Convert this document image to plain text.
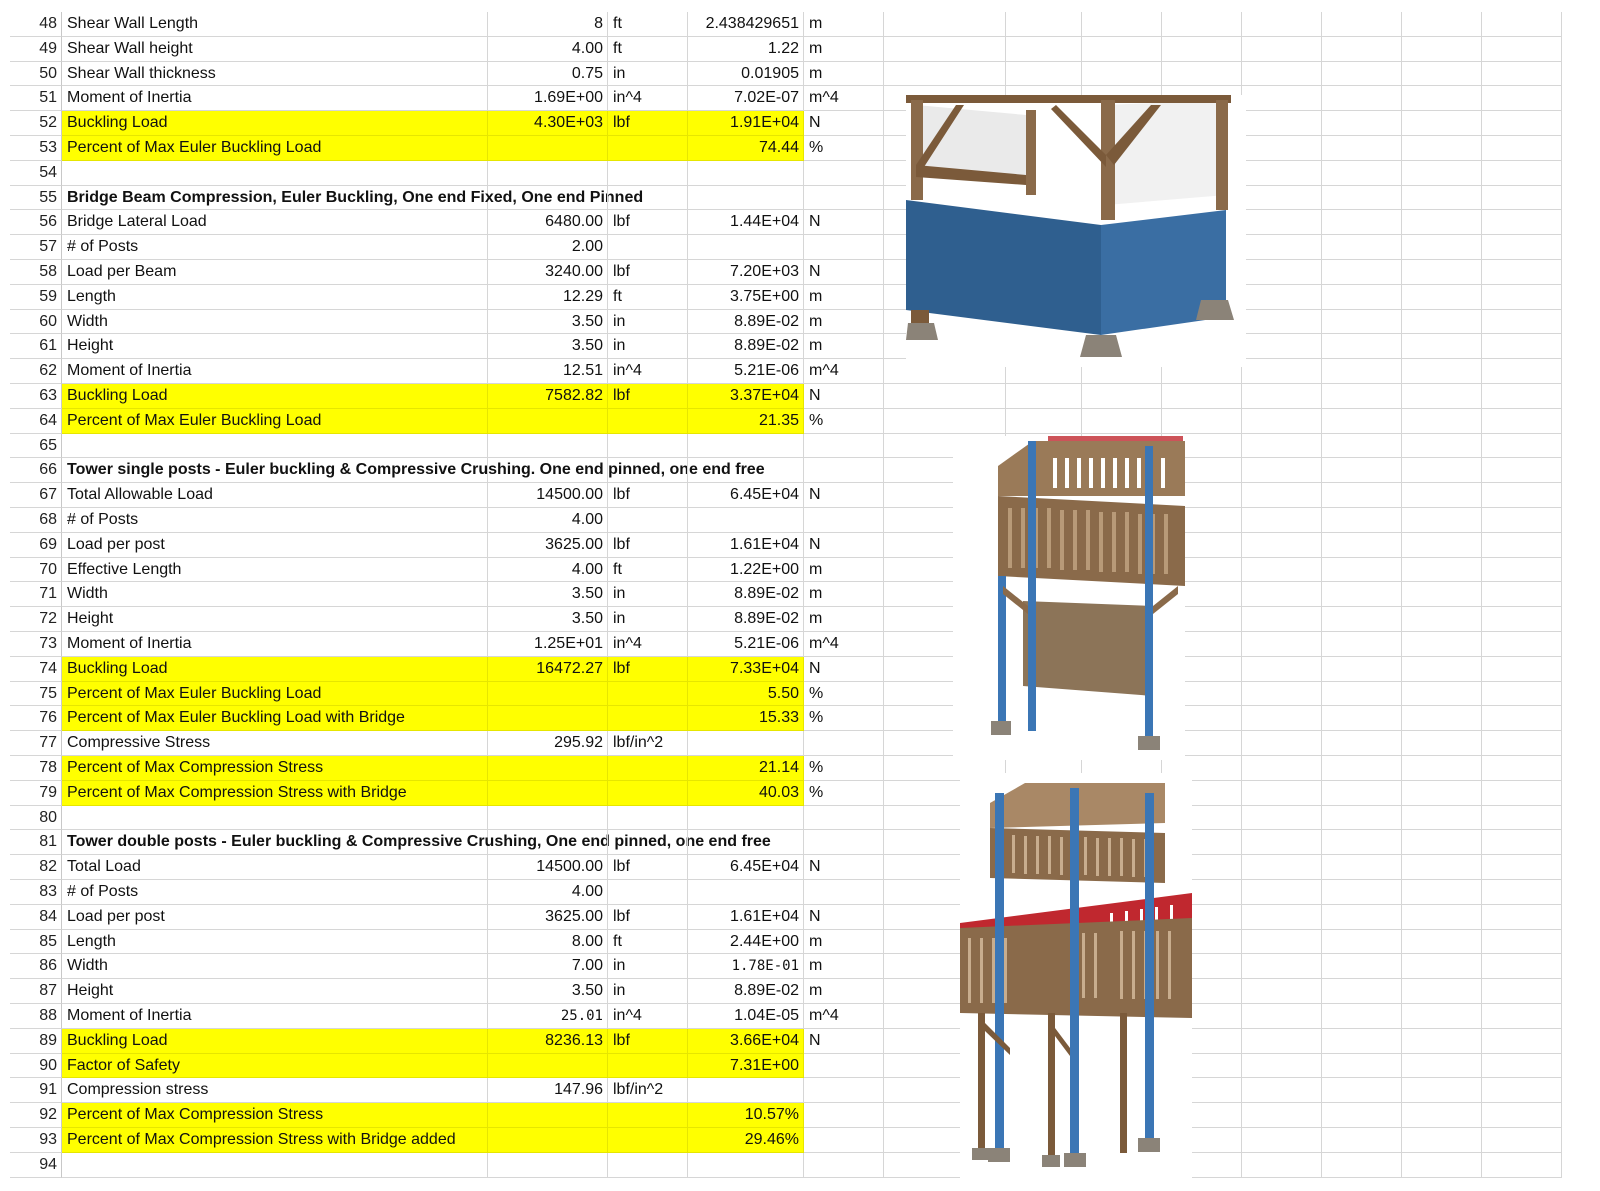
48 Shear Wall Length	8 ft	2.438429651 m
49 Shear Wall height	4.00 ft	1.22 m
50 Shear Wall thickness	0.75 in	0.01905 m
51 Moment of Inertia	1.69E+00 in^4	7.02E-07 m^4
52 Buckling Load	4.30E+03 lbf	1.91E+04 N
53 Percent of Max Euler Buckling Load	74.44 %
54
55 Bridge Beam Compression, Euler Buckling, One end Fixed, One end Pinned
56 Bridge Lateral Load	6480.00 lbf	1.44E+04 N
57 # of Posts	2.00
58 Load per Beam	3240.00 lbf	7.20E+03 N
59 Length	12.29 ft	3.75E+00 m
60 Width	3.50 in	8.89E-02 m
61 Height	3.50 in	8.89E-02 m
62 Moment of Inertia	12.51 in^4	5.21E-06 m^4
63 Buckling Load	7582.82 lbf	3.37E+04 N
64 Percent of Max Euler Buckling Load	21.35 %
65
66 Tower single posts - Euler buckling & Compressive Crushing. One end pinned, one end free
67 Total Allowable Load	14500.00 lbf	6.45E+04 N
68 # of Posts	4.00
69 Load per post	3625.00 lbf	1.61E+04 N
70 Effective Length	4.00 ft	1.22E+00 m
71 Width	3.50 in	8.89E-02 m
72 Height	3.50 in	8.89E-02 m
73 Moment of Inertia	1.25E+01 in^4	5.21E-06 m^4
74 Buckling Load	16472.27 lbf	7.33E+04 N
75 Percent of Max Euler Buckling Load	5.50 %
76 Percent of Max Euler Buckling Load with Bridge	15.33 %
77 Compressive Stress	295.92 lbf/in^2
78 Percent of Max Compression Stress	21.14 %
79 Percent of Max Compression Stress with Bridge	40.03 %
80
81 Tower double posts - Euler buckling & Compressive Crushing, One end pinned, one end free
82 Total Load	14500.00 lbf	6.45E+04 N
83 # of Posts	4.00
84 Load per post	3625.00 lbf	1.61E+04 N
85 Length	8.00 ft	2.44E+00 m
86 Width	7.00 in	1.78E-01 m
87 Height	3.50 in	8.89E-02 m
88 Moment of Inertia	25.01 in^4	1.04E-05 m^4
89 Buckling Load	8236.13 lbf	3.66E+04 N
90 Factor of Safety	7.31E+00
91 Compression stress	147.96 lbf/in^2
92 Percent of Max Compression Stress	10.57%
93 Percent of Max Compression Stress with Bridge added	29.46%
94
